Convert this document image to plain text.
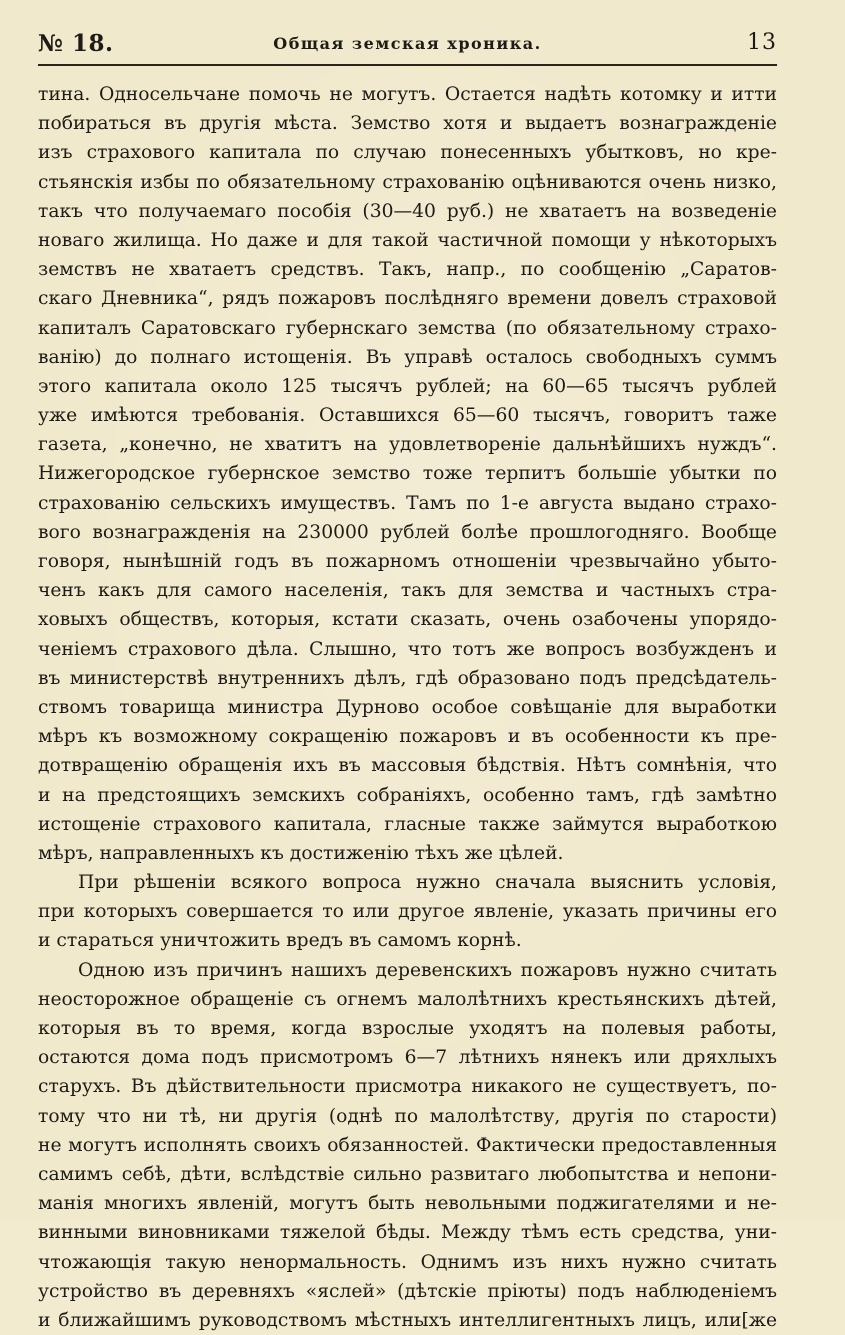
№ 18.	Общая земская хроника.	13
тина. Односельчане помочь не могутъ. Остается надѣть котомку и итти
побираться въ другія мѣста. Земство хотя и выдаетъ вознагражденіе
изъ страхового капитала по случаю понесенныхъ убытковъ, но кре-
стьянскія избы по обязательному страхованію оцѣниваются очень низко,
такъ что получаемаго пособія (30—40 руб.) не хватаетъ на возведеніе
новаго жилища. Но даже и для такой частичной помощи у нѣкоторыхъ
земствъ не хватаетъ средствъ. Такъ, напр., по сообщенію „Саратов-
скаго Дневника“, рядъ пожаровъ послѣдняго времени довелъ страховой
капиталъ Саратовскаго губернскаго земства (по обязательному страхо-
ванію) до полнаго истощенія. Въ управѣ осталось свободныхъ суммъ
этого капитала около 125 тысячъ рублей; на 60—65 тысячъ рублей
уже имѣются требованія. Оставшихся 65—60 тысячъ, говоритъ таже
газета, „конечно, не хватитъ на удовлетвореніе дальнѣйшихъ нуждъ“.
Нижегородское губернское земство тоже терпитъ большіе убытки по
страхованію сельскихъ имуществъ. Тамъ по 1-е августа выдано страхо-
вого вознагражденія на 230000 рублей болѣе прошлогодняго. Вообще
говоря, нынѣшній годъ въ пожарномъ отношеніи чрезвычайно убыто-
ченъ какъ для самого населенія, такъ для земства и частныхъ стра-
ховыхъ обществъ, которыя, кстати сказать, очень озабочены упорядо-
ченіемъ страхового дѣла. Слышно, что тотъ же вопросъ возбужденъ и
въ министерствѣ внутреннихъ дѣлъ, гдѣ образовано подъ предсѣдатель-
ствомъ товарища министра Дурново особое совѣщаніе для выработки
мѣръ къ возможному сокращенію пожаровъ и въ особенности къ пре-
дотвращенію обращенія ихъ въ массовыя бѣдствія. Нѣтъ сомнѣнія, что
и на предстоящихъ земскихъ собраніяхъ, особенно тамъ, гдѣ замѣтно
истощеніе страхового капитала, гласные также займутся выработкою
мѣръ, направленныхъ къ достиженію тѣхъ же цѣлей.
При рѣшеніи всякого вопроса нужно сначала выяснить условія,
при которыхъ совершается то или другое явленіе, указать причины его
и стараться уничтожить вредъ въ самомъ корнѣ.
Одною изъ причинъ нашихъ деревенскихъ пожаровъ нужно считать
неосторожное обращеніе съ огнемъ малолѣтнихъ крестьянскихъ дѣтей,
которыя въ то время, когда взрослые уходятъ на полевыя работы,
остаются дома подъ присмотромъ 6—7 лѣтнихъ нянекъ или дряхлыхъ
старухъ. Въ дѣйствительности присмотра никакого не существуетъ, по-
тому что ни тѣ, ни другія (однѣ по малолѣтству, другія по старости)
не могутъ исполнять своихъ обязанностей. Фактически предоставленныя
самимъ себѣ, дѣти, вслѣдствіе сильно развитаго любопытства и непони-
манія многихъ явленій, могутъ быть невольными поджигателями и не-
винными виновниками тяжелой бѣды. Между тѣмъ есть средства, уни-
чтожающія такую ненормальность. Однимъ изъ нихъ нужно считать
устройство въ деревняхъ «яслей» (дѣтскіе пріюты) подъ наблюденіемъ
и ближайшимъ руководствомъ мѣстныхъ интеллигентныхъ лицъ, или[же
